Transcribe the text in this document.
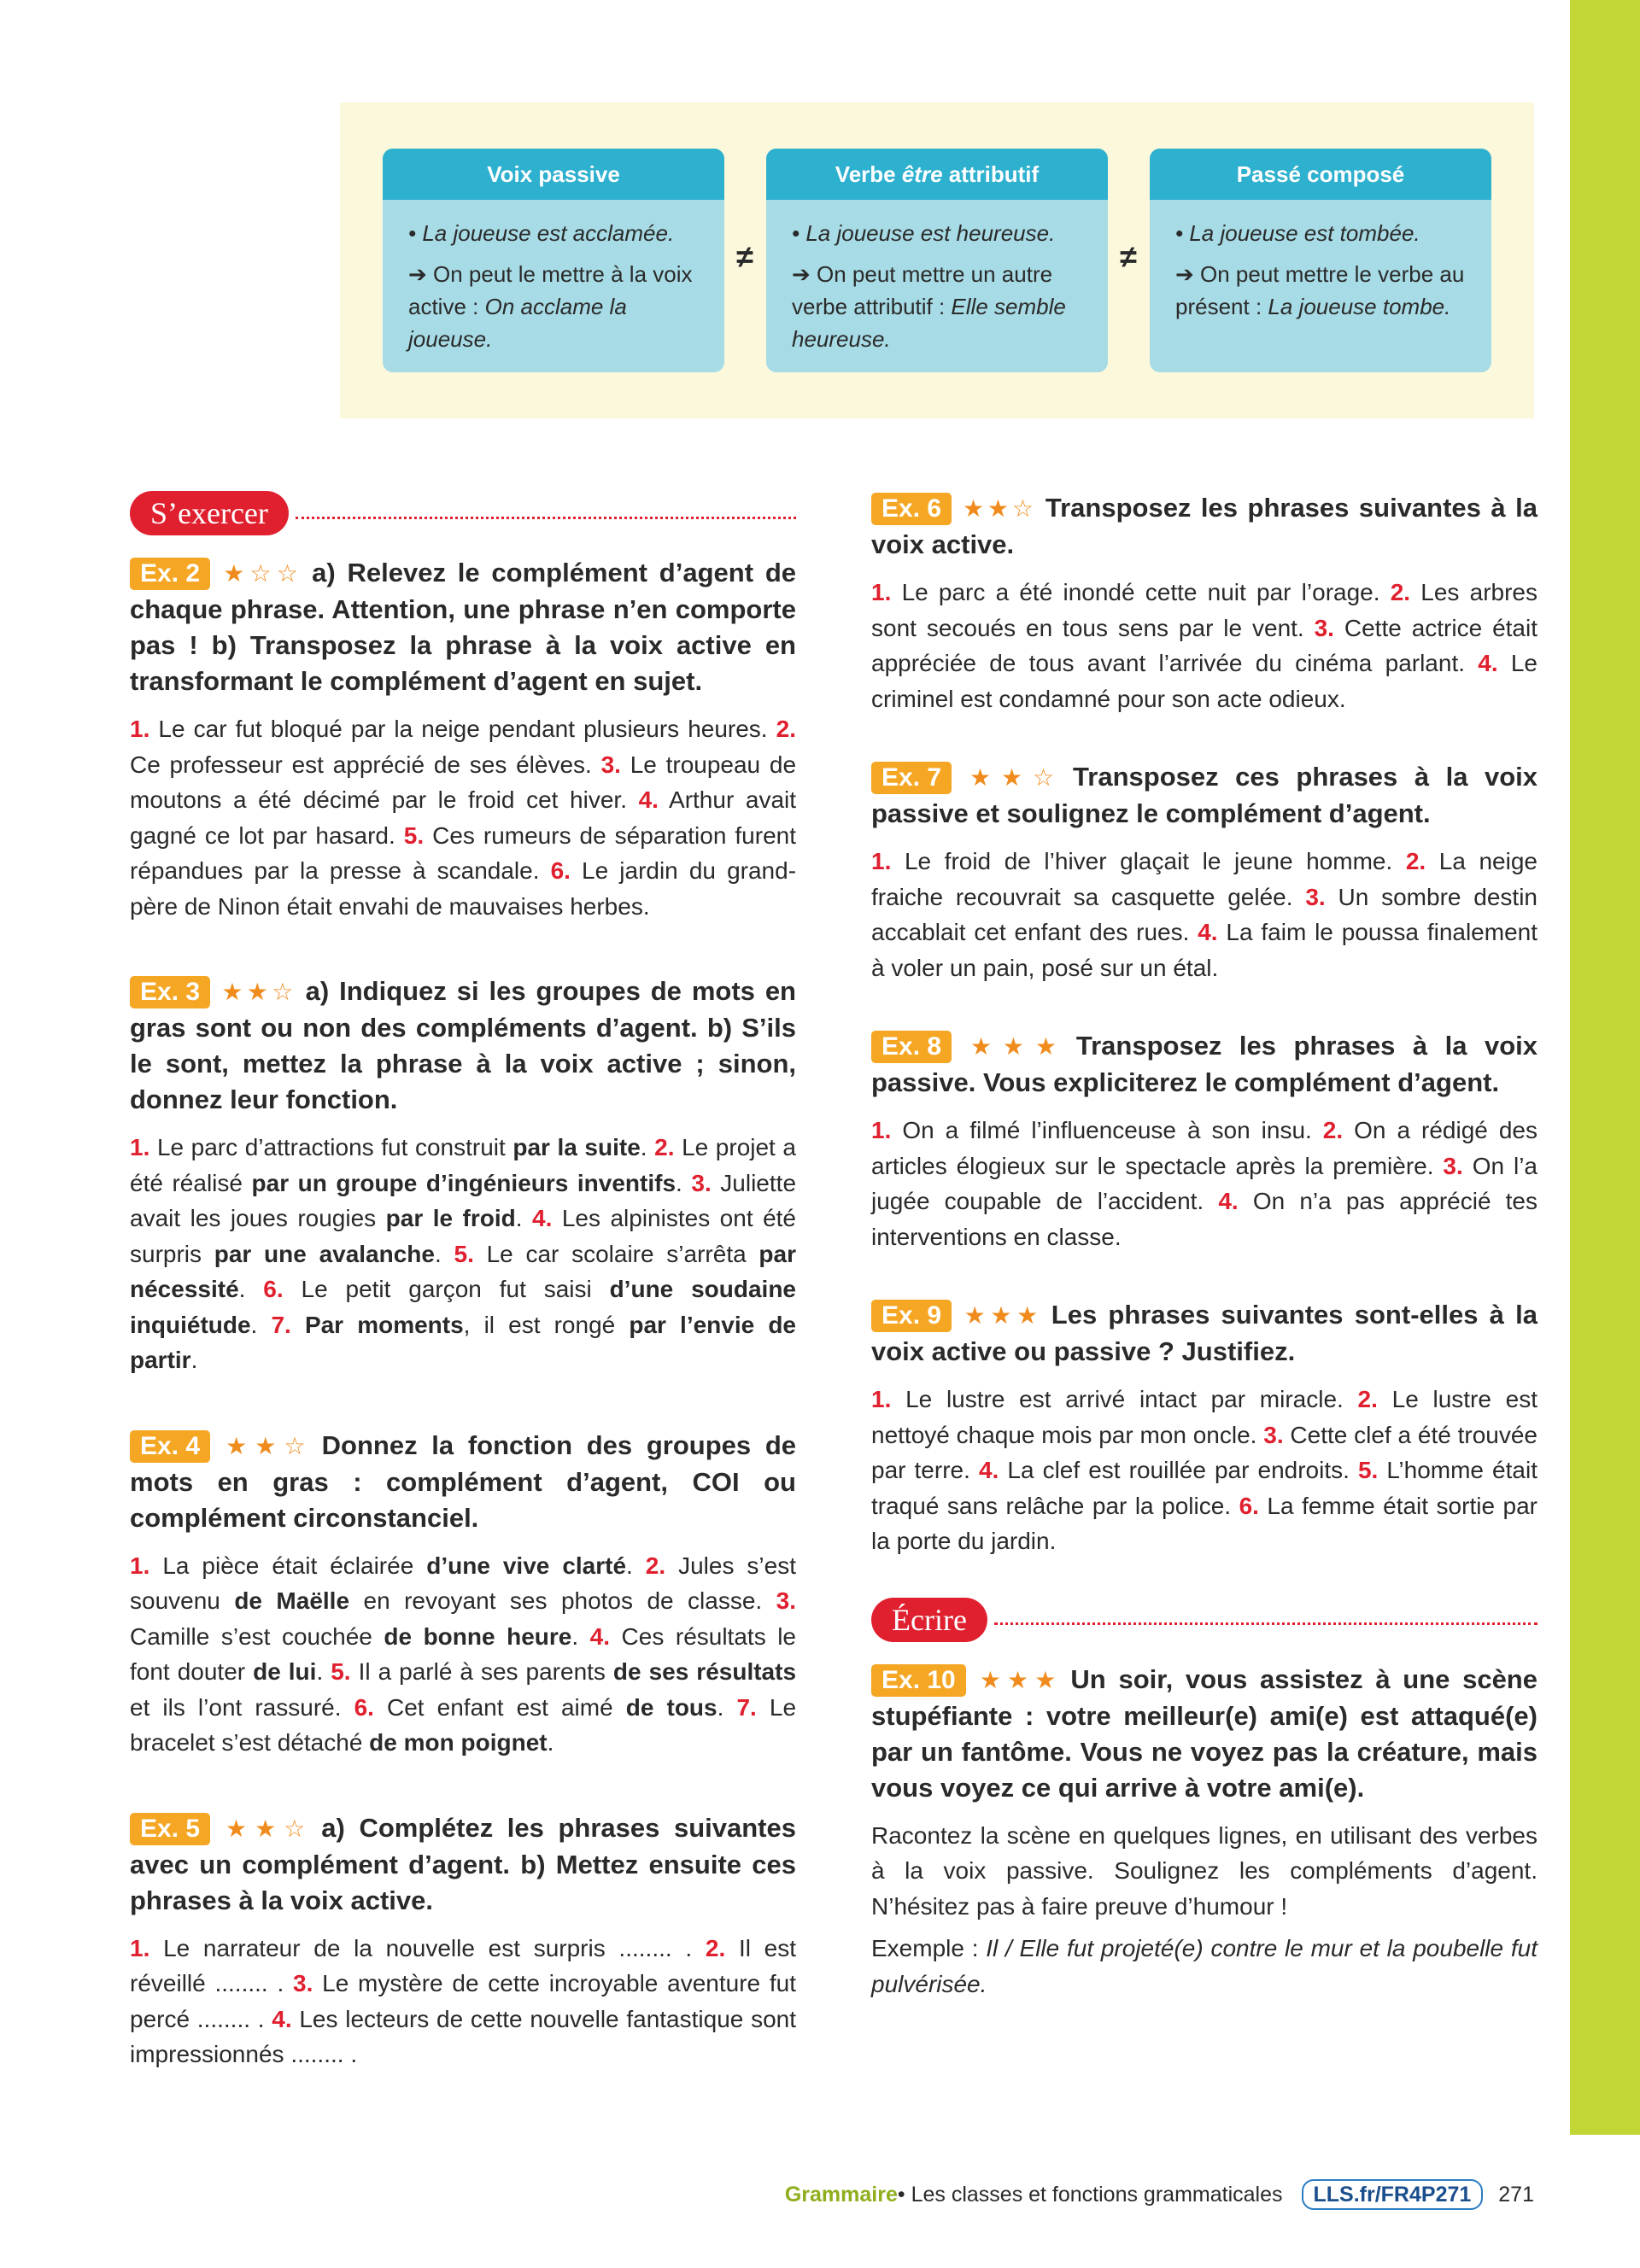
Voix passive

• La joueuse est acclamée.

➔ On peut le mettre à la voix active : On acclame la joueuse.

≠
Verbe être attributif

• La joueuse est heureuse.

➔ On peut mettre un autre verbe attributif : Elle semble heureuse.

≠
Passé composé

• La joueuse est tombée.

➔ On peut mettre le verbe au présent : La joueuse tombe.

S’exercer

Ex. 2 ★☆☆ a) Relevez le complément d’agent de chaque phrase. Attention, une phrase n’en comporte pas ! b) Transposez la phrase à la voix active en transformant le complément d’agent en sujet.

1. Le car fut bloqué par la neige pendant plusieurs heures. 2. Ce professeur est apprécié de ses élèves. 3. Le troupeau de moutons a été décimé par le froid cet hiver. 4. Arthur avait gagné ce lot par hasard. 5. Ces rumeurs de séparation furent répandues par la presse à scandale. 6. Le jardin du grand-père de Ninon était envahi de mauvaises herbes.

Ex. 3 ★★☆ a) Indiquez si les groupes de mots en gras sont ou non des compléments d’agent. b) S’ils le sont, mettez la phrase à la voix active ; sinon, donnez leur fonction.

1. Le parc d’attractions fut construit par la suite. 2. Le projet a été réalisé par un groupe d’ingénieurs inventifs. 3. Juliette avait les joues rougies par le froid. 4. Les alpinistes ont été surpris par une avalanche. 5. Le car scolaire s’arrêta par nécessité. 6. Le petit garçon fut saisi d’une soudaine inquiétude. 7. Par moments, il est rongé par l’envie de partir.

Ex. 4 ★★☆ Donnez la fonction des groupes de mots en gras : complément d’agent, COI ou complément circonstanciel.

1. La pièce était éclairée d’une vive clarté. 2. Jules s’est souvenu de Maëlle en revoyant ses photos de classe. 3. Camille s’est couchée de bonne heure. 4. Ces résultats le font douter de lui. 5. Il a parlé à ses parents de ses résultats et ils l’ont rassuré. 6. Cet enfant est aimé de tous. 7. Le bracelet s’est détaché de mon poignet.

Ex. 5 ★★☆ a) Complétez les phrases suivantes avec un complément d’agent. b) Mettez ensuite ces phrases à la voix active.

1. Le narrateur de la nouvelle est surpris ........ . 2. Il est réveillé ........ . 3. Le mystère de cette incroyable aventure fut percé ........ . 4. Les lecteurs de cette nouvelle fantastique sont impressionnés ........ .

Ex. 6 ★★☆ Transposez les phrases suivantes à la voix active.

1. Le parc a été inondé cette nuit par l’orage. 2. Les arbres sont secoués en tous sens par le vent. 3. Cette actrice était appréciée de tous avant l’arrivée du cinéma parlant. 4. Le criminel est condamné pour son acte odieux.

Ex. 7 ★★☆ Transposez ces phrases à la voix passive et soulignez le complément d’agent.

1. Le froid de l’hiver glaçait le jeune homme. 2. La neige fraiche recouvrait sa casquette gelée. 3. Un sombre destin accablait cet enfant des rues. 4. La faim le poussa finalement à voler un pain, posé sur un étal.

Ex. 8 ★★★ Transposez les phrases à la voix passive. Vous expliciterez le complément d’agent.

1. On a filmé l’influenceuse à son insu. 2. On a rédigé des articles élogieux sur le spectacle après la première. 3. On l’a jugée coupable de l’accident. 4. On n’a pas apprécié tes interventions en classe.

Ex. 9 ★★★ Les phrases suivantes sont-elles à la voix active ou passive ? Justifiez.

1. Le lustre est arrivé intact par miracle. 2. Le lustre est nettoyé chaque mois par mon oncle. 3. Cette clef a été trouvée par terre. 4. La clef est rouillée par endroits. 5. L’homme était traqué sans relâche par la police. 6. La femme était sortie par la porte du jardin.

Écrire

Ex. 10 ★★★ Un soir, vous assistez à une scène stupéfiante : votre meilleur(e) ami(e) est attaqué(e) par un fantôme. Vous ne voyez pas la créature, mais vous voyez ce qui arrive à votre ami(e).

Racontez la scène en quelques lignes, en utilisant des verbes à la voix passive. Soulignez les compléments d’agent. N’hésitez pas à faire preuve d’humour !

Exemple : Il / Elle fut projeté(e) contre le mur et la poubelle fut pulvérisée.

Grammaire • Les classes et fonctions grammaticales	LLS.fr/FR4P271	271
